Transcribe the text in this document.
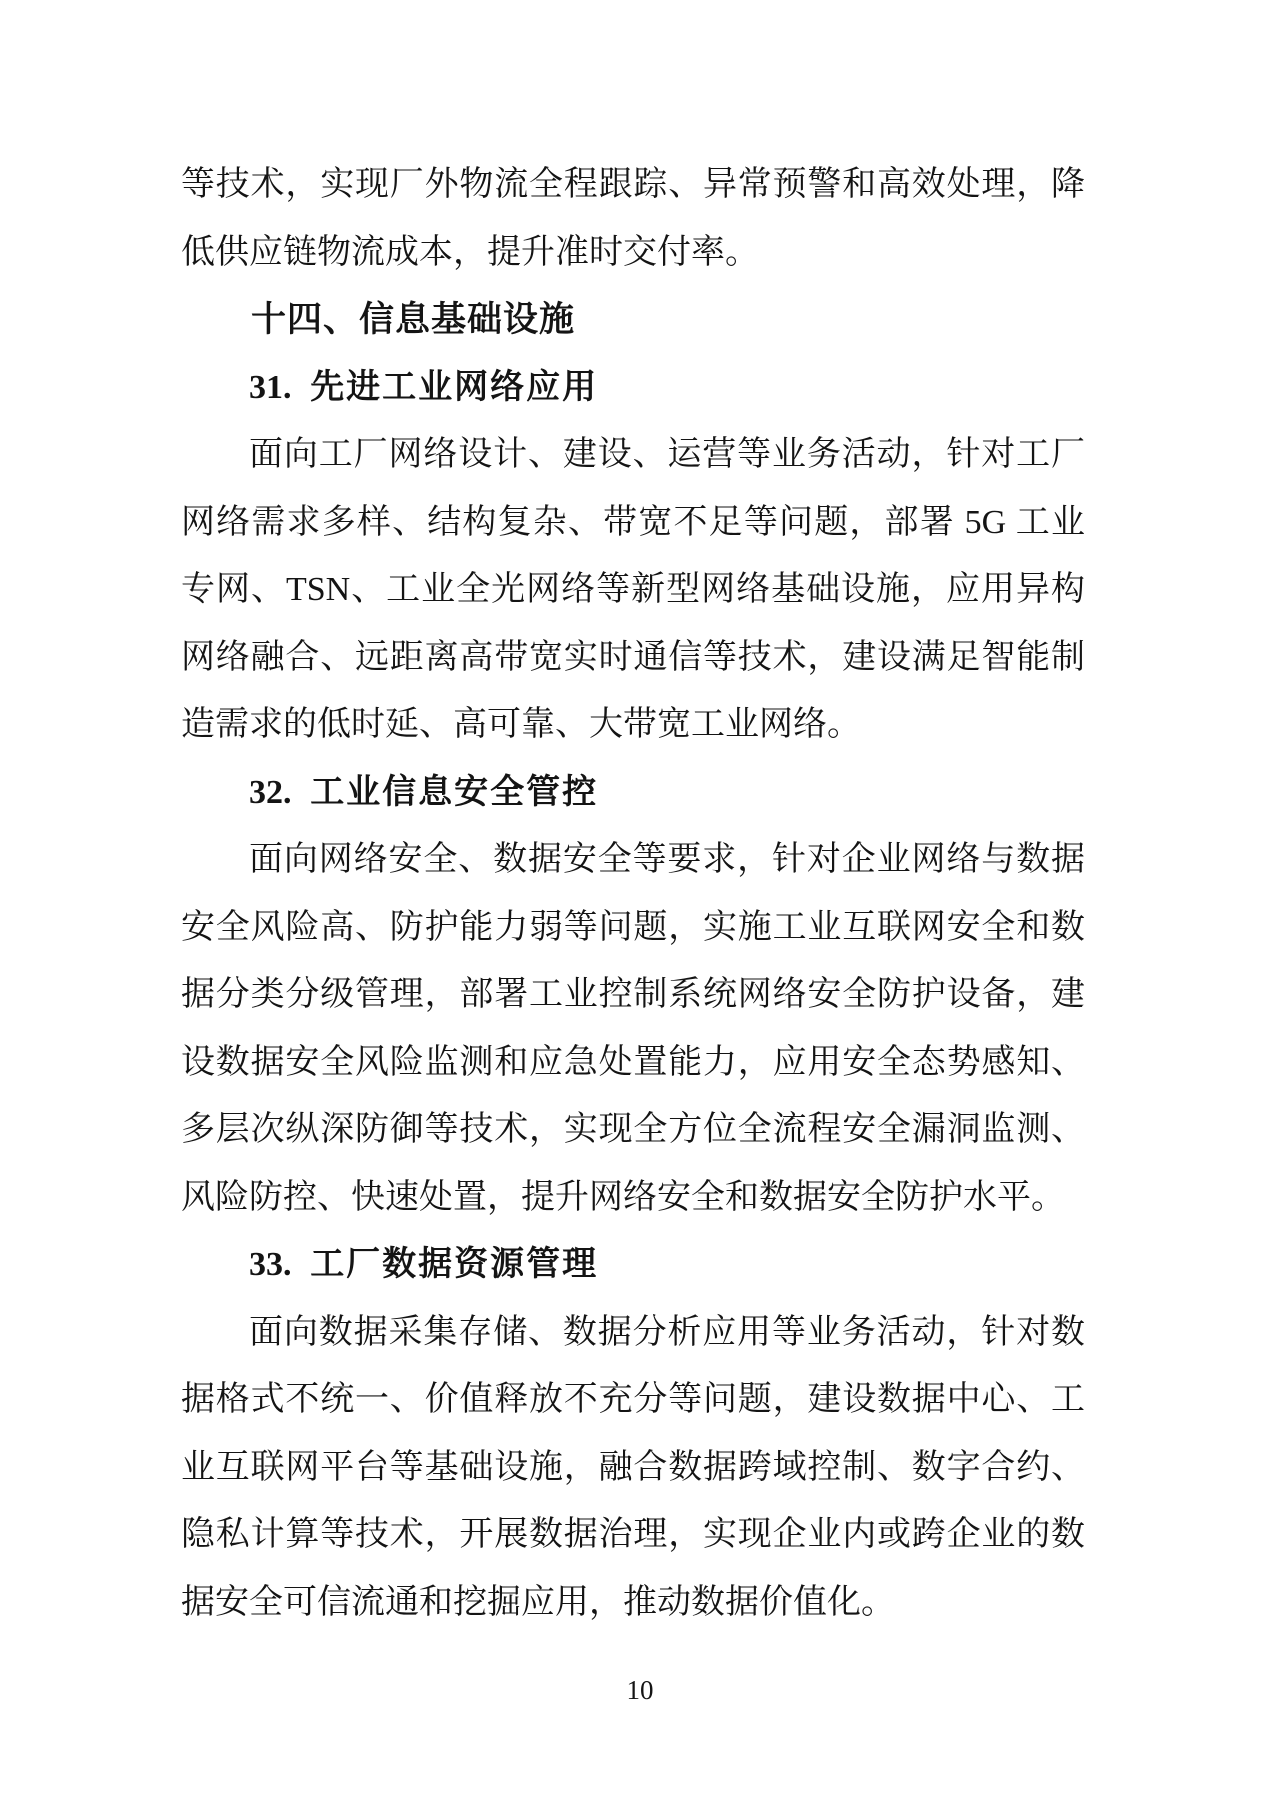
等技术，实现厂外物流全程跟踪、异常预警和高效处理，降
低供应链物流成本，提升准时交付率。
十四、信息基础设施
31. 先进工业网络应用
面向工厂网络设计、建设、运营等业务活动，针对工厂
网络需求多样、结构复杂、带宽不足等问题，部署 5G 工业
专网、TSN、工业全光网络等新型网络基础设施，应用异构
网络融合、远距离高带宽实时通信等技术，建设满足智能制
造需求的低时延、高可靠、大带宽工业网络。
32. 工业信息安全管控
面向网络安全、数据安全等要求，针对企业网络与数据
安全风险高、防护能力弱等问题，实施工业互联网安全和数
据分类分级管理，部署工业控制系统网络安全防护设备，建
设数据安全风险监测和应急处置能力，应用安全态势感知、
多层次纵深防御等技术，实现全方位全流程安全漏洞监测、
风险防控、快速处置，提升网络安全和数据安全防护水平。
33. 工厂数据资源管理
面向数据采集存储、数据分析应用等业务活动，针对数
据格式不统一、价值释放不充分等问题，建设数据中心、工
业互联网平台等基础设施，融合数据跨域控制、数字合约、
隐私计算等技术，开展数据治理，实现企业内或跨企业的数
据安全可信流通和挖掘应用，推动数据价值化。
10
